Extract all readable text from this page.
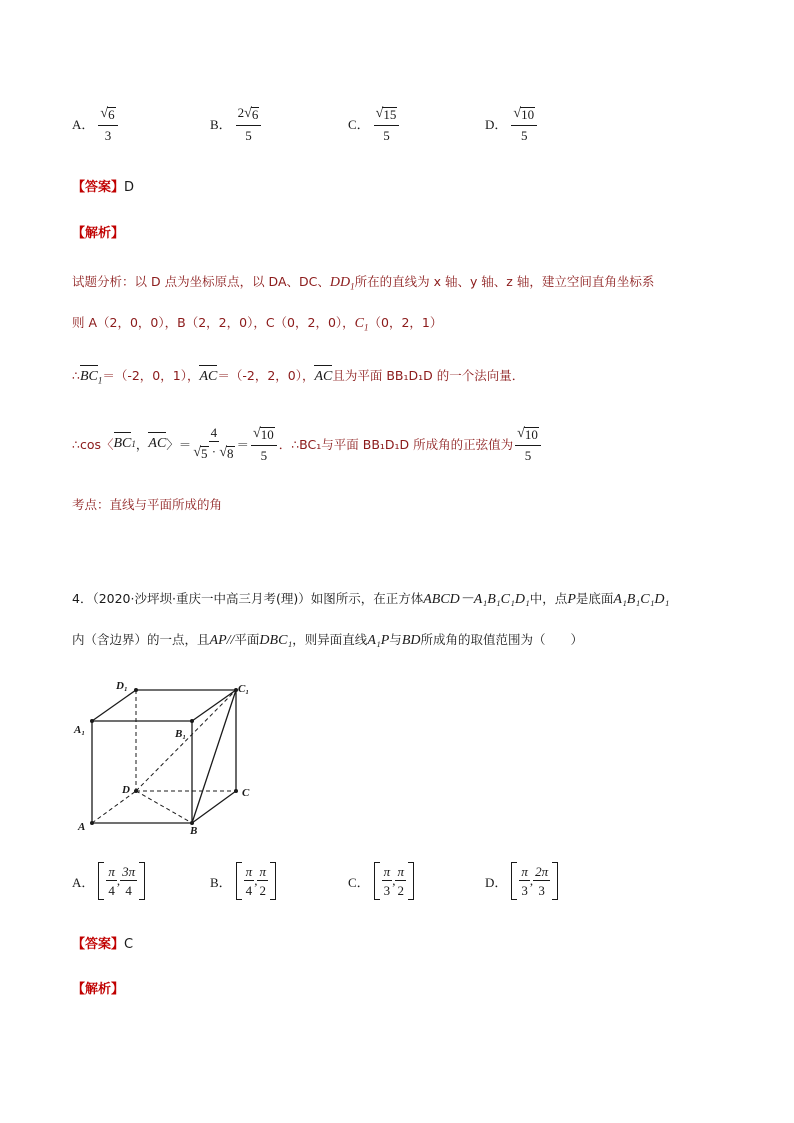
A． $\frac{√ 6}{3}$	B． $\frac{2 √ 6}{5}$	C． $\frac{√ 15}{5}$	D． $\frac{√ 10}{5}$
【答案】D
【解析】
试题分析：以 D 点为坐标原点，以 DA、DC、$DD_1$所在的直线为 x 轴、y 轴、z 轴，建立空间直角坐标系
则 A（2，0，0），B（2，2，0），C（0，2，0），$C_1(0$，2，1）
$\therefore BC_1=(-2$，0，1），AC＝（-2，2，0），AC且为平面 BB₁D₁D 的一个法向量．
∴cos〈 BC 1 ， AC 〉＝ $\frac{4}{√ 5 \cdot √ 8} = \frac{√ 10}{5}$ ．∴BC₁与平面 BB₁D₁D 所成角的正弦值为 $\frac{√ 10}{5}$
考点：直线与平面所成的角
4．（2020·沙坪坝·重庆一中高三月考(理)）如图所示，在正方体ABCD－A₁B₁C₁D₁中，点P是底面A₁B₁C₁D₁
内（含边界）的一点，且AP//平面DBC₁，则异面直线A₁P与BD所成角的取值范围为（　　）
D₁	C₁
A₁	B₁
D	C
A	B
A． $\frac{\pi}{4}$ , $\frac{3\pi}{4}$	B． $\frac{\pi}{4}$ , $\frac{\pi}{2}$	C． $\frac{\pi}{3}$ , $\frac{\pi}{2}$	D． $\frac{\pi}{3}$ , $\frac{2\pi}{3}$
【答案】C
【解析】
